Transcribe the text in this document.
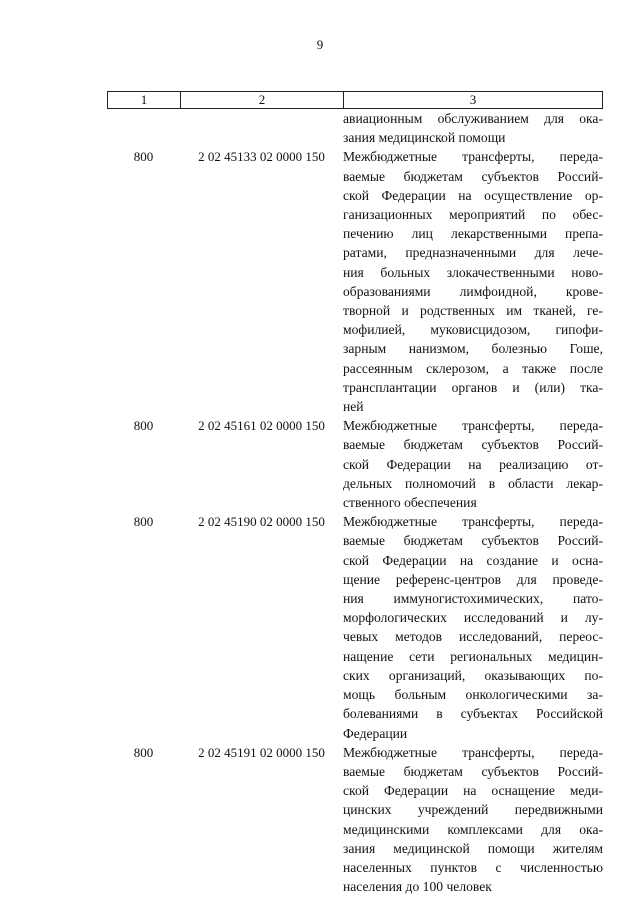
9
1	2	3
авиационным обслуживанием для ока-
зания медицинской помощи
800	2 02 45133 02 0000 150	Межбюджетные трансферты, переда-
ваемые бюджетам субъектов Россий-
ской Федерации на осуществление ор-
ганизационных мероприятий по обес-
печению лиц лекарственными препа-
ратами, предназначенными для лече-
ния больных злокачественными ново-
образованиями лимфоидной, крове-
творной и родственных им тканей, ге-
мофилией, муковисцидозом, гипофи-
зарным нанизмом, болезнью Гоше,
рассеянным склерозом, а также после
трансплантации органов и (или) тка-
ней
800	2 02 45161 02 0000 150	Межбюджетные трансферты, переда-
ваемые бюджетам субъектов Россий-
ской Федерации на реализацию от-
дельных полномочий в области лекар-
ственного обеспечения
800	2 02 45190 02 0000 150	Межбюджетные трансферты, переда-
ваемые бюджетам субъектов Россий-
ской Федерации на создание и осна-
щение референс-центров для проведе-
ния иммуногистохимических, пато-
морфологических исследований и лу-
чевых методов исследований, переос-
нащение сети региональных медицин-
ских организаций, оказывающих по-
мощь больным онкологическими за-
болеваниями в субъектах Российской
Федерации
800	2 02 45191 02 0000 150	Межбюджетные трансферты, переда-
ваемые бюджетам субъектов Россий-
ской Федерации на оснащение меди-
цинских учреждений передвижными
медицинскими комплексами для ока-
зания медицинской помощи жителям
населенных пунктов с численностью
населения до 100 человек
